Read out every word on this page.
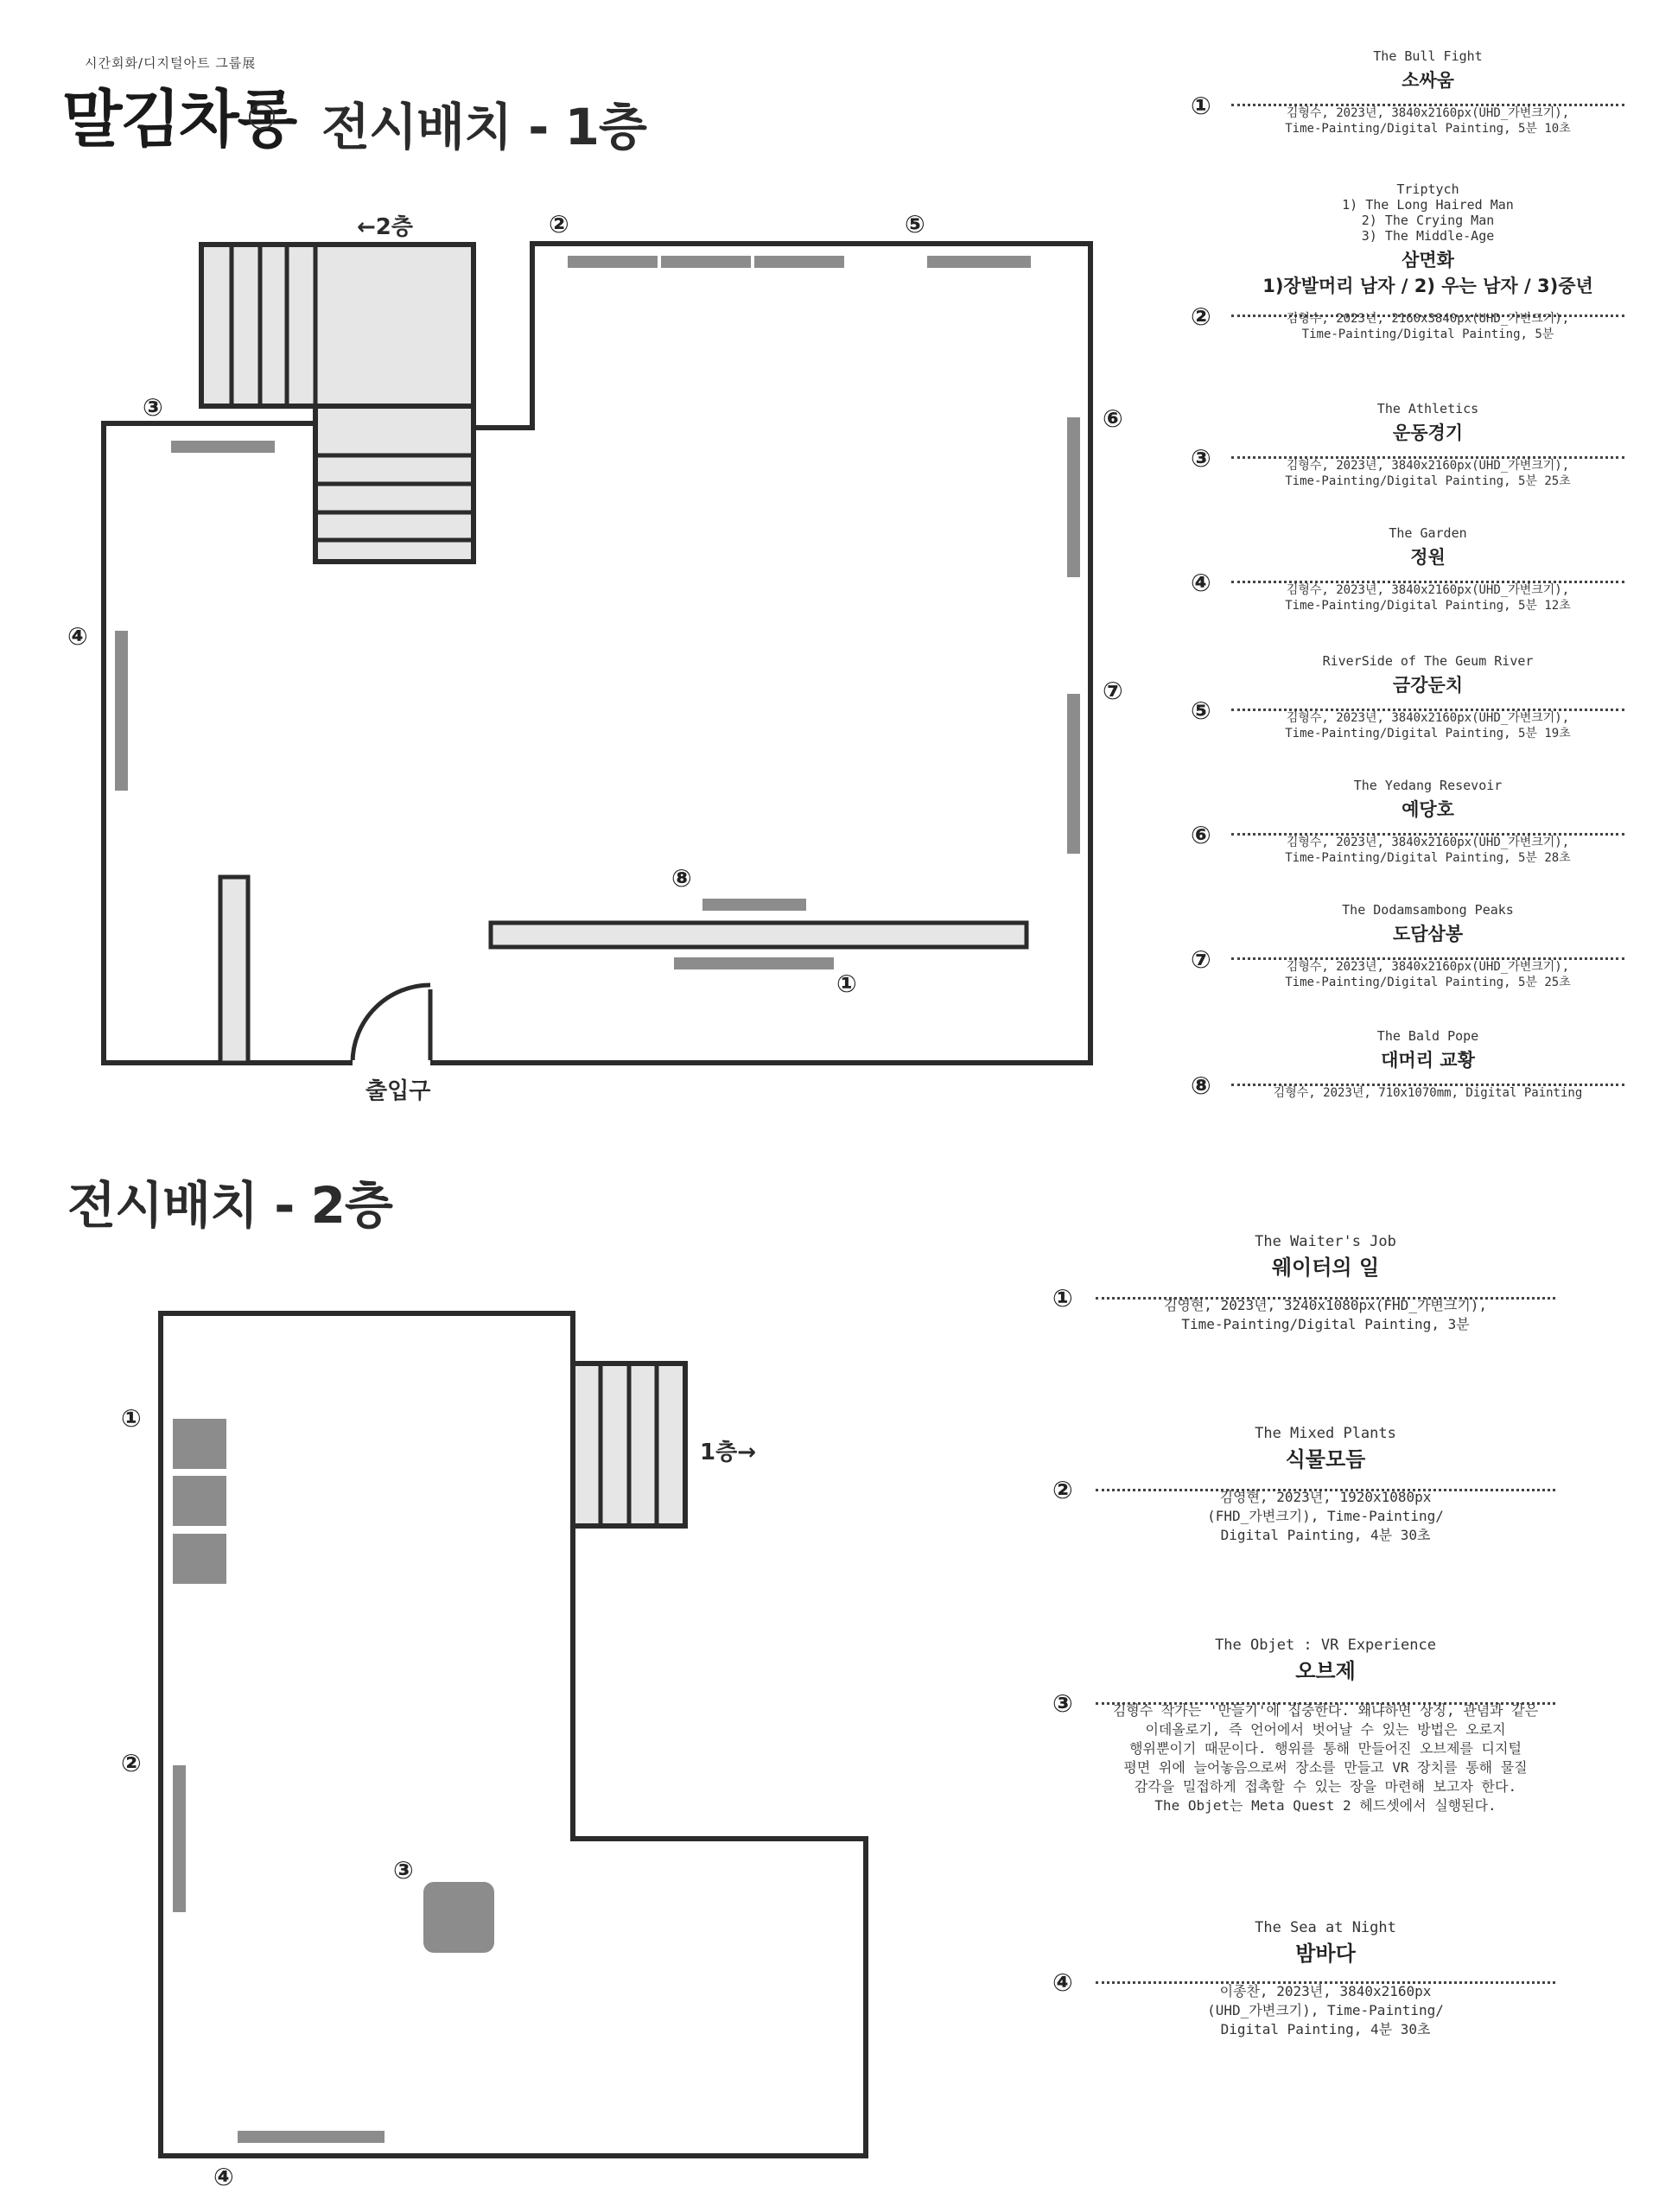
시간회화/디지털아트 그룹展
말김차롱 전시배치 - 1층
전시배치 - 2층
③
④
②	⑤
⑥
⑦
⑧
①
←2층
출입구
①
②
③
④
1층→
①
The Bull Fight
소싸움
김형수, 2023년, 3840x2160px(UHD_가변크기),
Time-Painting/Digital Painting, 5분 10초
②
Triptych
1) The Long Haired Man
2) The Crying Man
3) The Middle-Age
삼면화
1)장발머리 남자 / 2) 우는 남자 / 3)중년
김형수, 2023년, 2160x3840px(UHD_가변크기),
Time-Painting/Digital Painting, 5분
③
The Athletics
운동경기
김형수, 2023년, 3840x2160px(UHD_가변크기),
Time-Painting/Digital Painting, 5분 25초
④
The Garden
정원
김형수, 2023년, 3840x2160px(UHD_가변크기),
Time-Painting/Digital Painting, 5분 12초
⑤
RiverSide of The Geum River
금강둔치
김형수, 2023년, 3840x2160px(UHD_가변크기),
Time-Painting/Digital Painting, 5분 19초
⑥
The Yedang Resevoir
예당호
김형수, 2023년, 3840x2160px(UHD_가변크기),
Time-Painting/Digital Painting, 5분 28초
⑦
The Dodamsambong Peaks
도담삼봉
김형수, 2023년, 3840x2160px(UHD_가변크기),
Time-Painting/Digital Painting, 5분 25초
⑧
The Bald Pope
대머리 교황
김형수, 2023년, 710x1070mm, Digital Painting
①
The Waiter's Job
웨이터의 일
김영현, 2023년, 3240x1080px(FHD_가변크기),
Time-Painting/Digital Painting, 3분
②
The Mixed Plants
식물모듬
김영현, 2023년, 1920x1080px
(FHD_가변크기), Time-Painting/
Digital Painting, 4분 30초
③
The Objet : VR Experience
오브제
김형수 작가는 '만들기'에 집중한다. 왜냐하면 상징, 관념과 같은
이데올로기, 즉 언어에서 벗어날 수 있는 방법은 오로지
행위뿐이기 때문이다. 행위를 통해 만들어진 오브제를 디지털
평면 위에 늘어놓음으로써 장소를 만들고 VR 장치를 통해 물질
감각을 밀접하게 접촉할 수 있는 장을 마련해 보고자 한다.
The Objet는 Meta Quest 2 헤드셋에서 실행된다.
④
The Sea at Night
밤바다
이종찬, 2023년, 3840x2160px
(UHD_가변크기), Time-Painting/
Digital Painting, 4분 30초
